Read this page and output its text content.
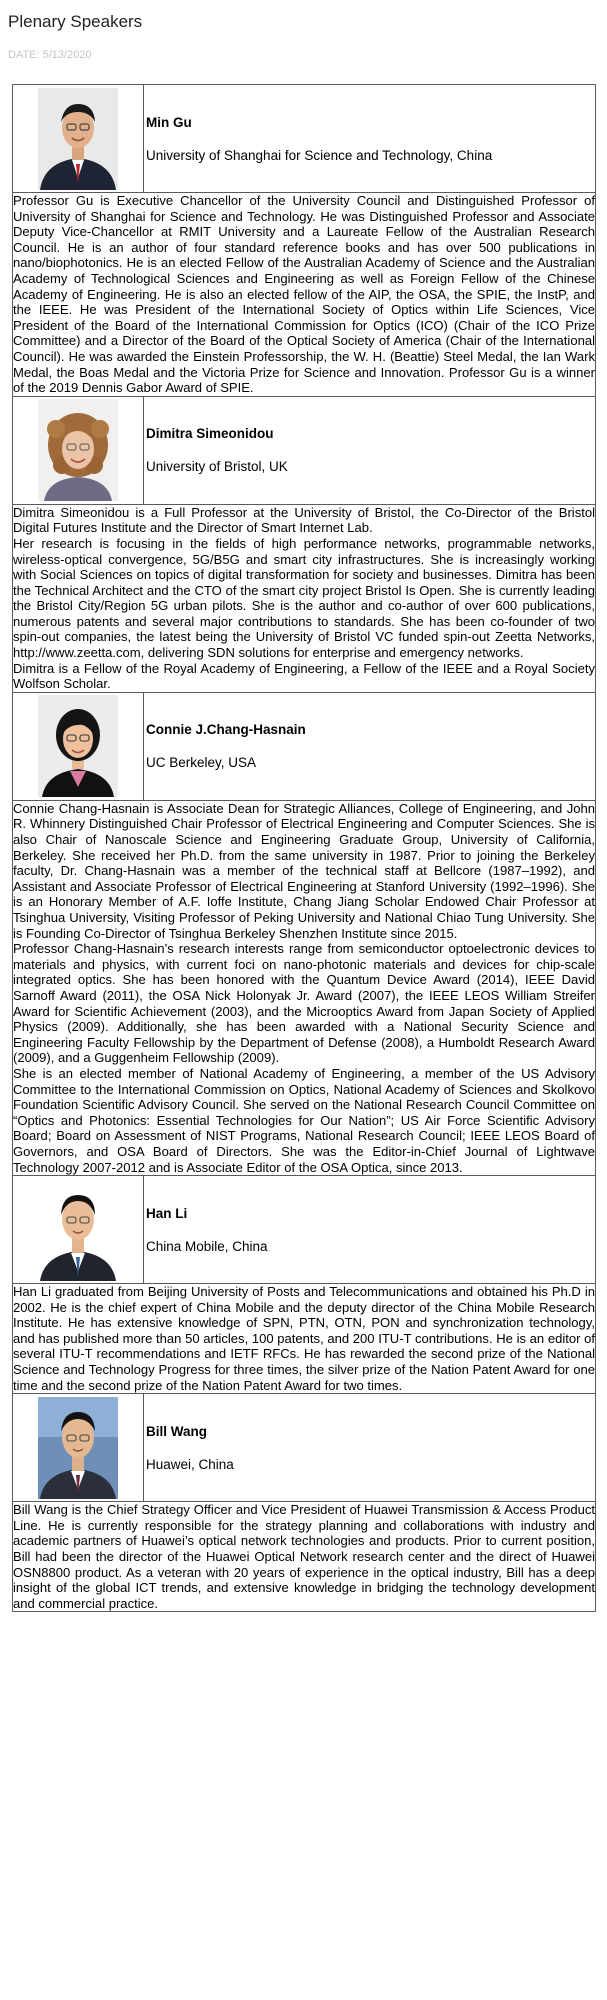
Plenary Speakers
DATE: 5/13/2020

Min Gu
University of Shanghai for Science and Technology, China

Professor Gu is Executive Chancellor of the University Council and Distinguished Professor of University of Shanghai for Science and Technology. He was Distinguished Professor and Associate Deputy Vice-Chancellor at RMIT University and a Laureate Fellow of the Australian Research Council. He is an author of four standard reference books and has over 500 publications in nano/biophotonics. He is an elected Fellow of the Australian Academy of Science and the Australian Academy of Technological Sciences and Engineering as well as Foreign Fellow of the Chinese Academy of Engineering. He is also an elected fellow of the AIP, the OSA, the SPIE, the InstP, and the IEEE. He was President of the International Society of Optics within Life Sciences, Vice President of the Board of the International Commission for Optics (ICO) (Chair of the ICO Prize Committee) and a Director of the Board of the Optical Society of America (Chair of the International Council). He was awarded the Einstein Professorship, the W. H. (Beattie) Steel Medal, the Ian Wark Medal, the Boas Medal and the Victoria Prize for Science and Innovation. Professor Gu is a winner of the 2019 Dennis Gabor Award of SPIE.	

Dimitra Simeonidou
University of Bristol, UK

Dimitra Simeonidou is a Full Professor at the University of Bristol, the Co-Director of the Bristol Digital Futures Institute and the Director of Smart Internet Lab.

Her research is focusing in the fields of high performance networks, programmable networks, wireless-optical convergence, 5G/B5G and smart city infrastructures. She is increasingly working with Social Sciences on topics of digital transformation for society and businesses. Dimitra has been the Technical Architect and the CTO of the smart city project Bristol Is Open. She is currently leading the Bristol City/Region 5G urban pilots. She is the author and co-author of over 600 publications, numerous patents and several major contributions to standards. She has been co-founder of two spin-out companies, the latest being the University of Bristol VC funded spin-out Zeetta Networks, http://www.zeetta.com, delivering SDN solutions for enterprise and emergency networks.

Dimitra is a Fellow of the Royal Academy of Engineering, a Fellow of the IEEE and a Royal Society Wolfson Scholar.	

Connie J.Chang-Hasnain
UC Berkeley, USA

Connie Chang-Hasnain is Associate Dean for Strategic Alliances, College of Engineering, and John R. Whinnery Distinguished Chair Professor of Electrical Engineering and Computer Sciences. She is also Chair of Nanoscale Science and Engineering Graduate Group, University of California, Berkeley. She received her Ph.D. from the same university in 1987. Prior to joining the Berkeley faculty, Dr. Chang-Hasnain was a member of the technical staff at Bellcore (1987–1992), and Assistant and Associate Professor of Electrical Engineering at Stanford University (1992–1996). She is an Honorary Member of A.F. Ioffe Institute, Chang Jiang Scholar Endowed Chair Professor at Tsinghua University, Visiting Professor of Peking University and National Chiao Tung University. She is Founding Co-Director of Tsinghua Berkeley Shenzhen Institute since 2015.

Professor Chang-Hasnain’s research interests range from semiconductor optoelectronic devices to materials and physics, with current foci on nano-photonic materials and devices for chip-scale integrated optics. She has been honored with the Quantum Device Award (2014), IEEE David Sarnoff Award (2011), the OSA Nick Holonyak Jr. Award (2007), the IEEE LEOS William Streifer Award for Scientific Achievement (2003), and the Microoptics Award from Japan Society of Applied Physics (2009). Additionally, she has been awarded with a National Security Science and Engineering Faculty Fellowship by the Department of Defense (2008), a Humboldt Research Award (2009), and a Guggenheim Fellowship (2009).

She is an elected member of National Academy of Engineering, a member of the US Advisory Committee to the International Commission on Optics, National Academy of Sciences and Skolkovo Foundation Scientific Advisory Council. She served on the National Research Council Committee on “Optics and Photonics: Essential Technologies for Our Nation”; US Air Force Scientific Advisory Board; Board on Assessment of NIST Programs, National Research Council; IEEE LEOS Board of Governors, and OSA Board of Directors. She was the Editor-in-Chief Journal of Lightwave Technology 2007-2012 and is Associate Editor of the OSA Optica, since 2013.	

Han Li
China Mobile, China

Han Li graduated from Beijing University of Posts and Telecommunications and obtained his Ph.D in 2002. He is the chief expert of China Mobile and the deputy director of the China Mobile Research Institute. He has extensive knowledge of SPN, PTN, OTN, PON and synchronization technology, and has published more than 50 articles, 100 patents, and 200 ITU-T contributions. He is an editor of several ITU-T recommendations and IETF RFCs. He has rewarded the second prize of the National Science and Technology Progress for three times, the silver prize of the Nation Patent Award for one time and the second prize of the Nation Patent Award for two times.	

Bill Wang
Huawei, China

Bill Wang is the Chief Strategy Officer and Vice President of Huawei Transmission & Access Product Line. He is currently responsible for the strategy planning and collaborations with industry and academic partners of Huawei’s optical network technologies and products. Prior to current position, Bill had been the director of the Huawei Optical Network research center and the direct of Huawei OSN8800 product. As a veteran with 20 years of experience in the optical industry, Bill has a deep insight of the global ICT trends, and extensive knowledge in bridging the technology development and commercial practice.	
